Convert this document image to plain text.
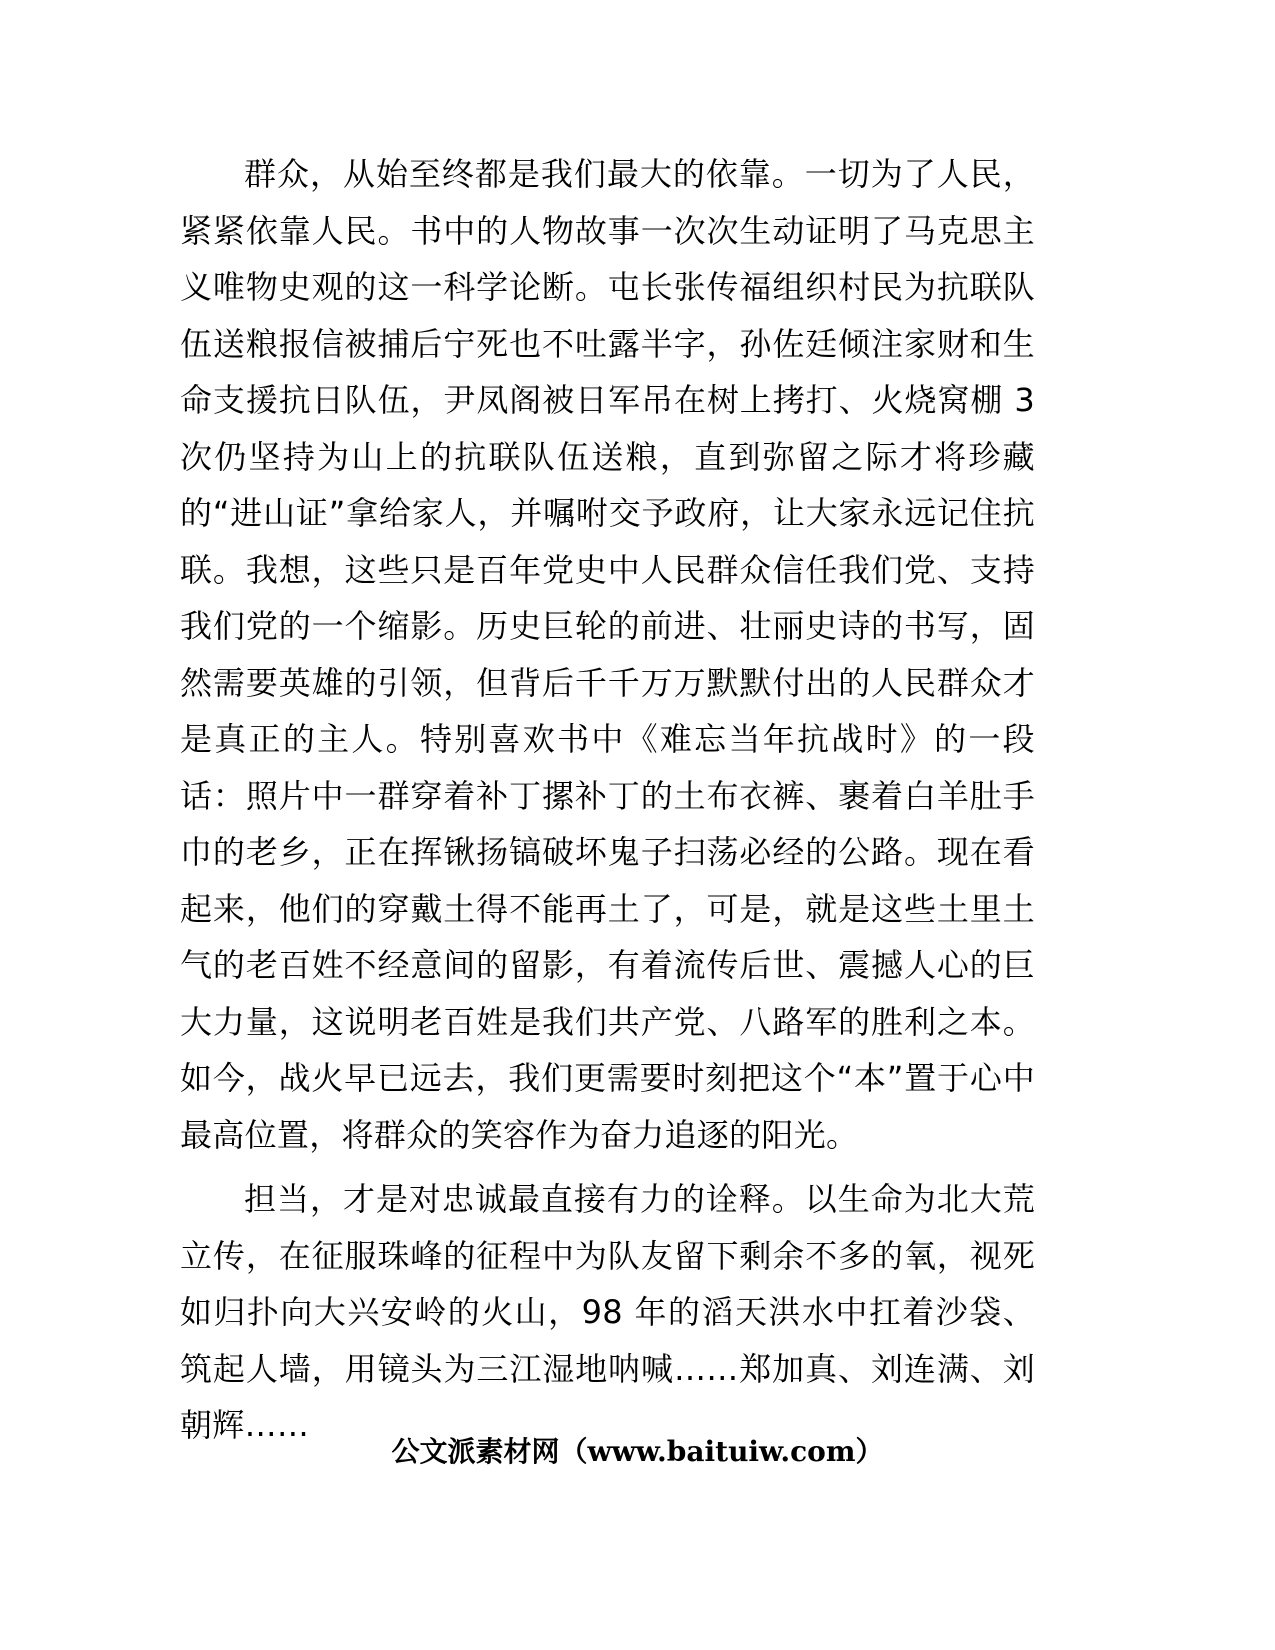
群众，从始至终都是我们最大的依靠。一切为了人民，紧紧依靠人民。书中的人物故事一次次生动证明了马克思主义唯物史观的这一科学论断。屯长张传福组织村民为抗联队伍送粮报信被捕后宁死也不吐露半字，孙佐廷倾注家财和生命支援抗日队伍，尹凤阁被日军吊在树上拷打、火烧窝棚 3 次仍坚持为山上的抗联队伍送粮，直到弥留之际才将珍藏的“进山证”拿给家人，并嘱咐交予政府，让大家永远记住抗联。我想，这些只是百年党史中人民群众信任我们党、支持我们党的一个缩影。历史巨轮的前进、壮丽史诗的书写，固然需要英雄的引领，但背后千千万万默默付出的人民群众才是真正的主人。特别喜欢书中《难忘当年抗战时》的一段话：照片中一群穿着补丁摞补丁的土布衣裤、裹着白羊肚手巾的老乡，正在挥锹扬镐破坏鬼子扫荡必经的公路。现在看起来，他们的穿戴土得不能再土了，可是，就是这些土里土气的老百姓不经意间的留影，有着流传后世、震撼人心的巨大力量，这说明老百姓是我们共产党、八路军的胜利之本。如今，战火早已远去，我们更需要时刻把这个“本”置于心中最高位置，将群众的笑容作为奋力追逐的阳光。

担当，才是对忠诚最直接有力的诠释。以生命为北大荒立传，在征服珠峰的征程中为队友留下剩余不多的氧，视死如归扑向大兴安岭的火山，98 年的滔天洪水中扛着沙袋、筑起人墙，用镜头为三江湿地呐喊……郑加真、刘连满、刘朝辉……

公文派素材网（www.baituiw.com）
